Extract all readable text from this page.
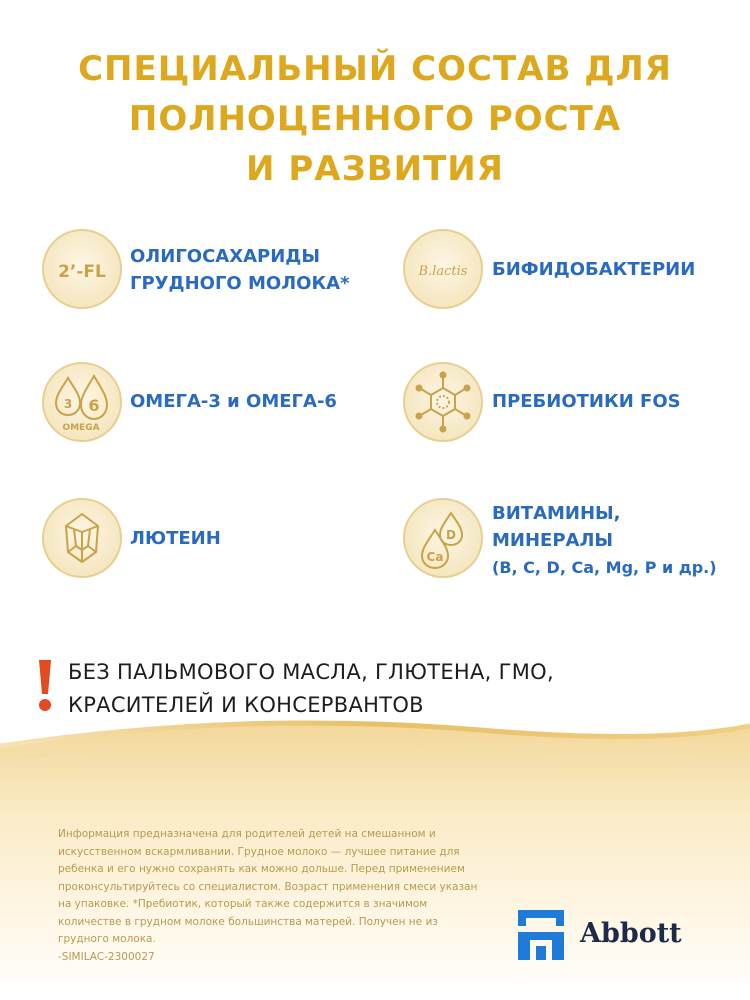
СПЕЦИАЛЬНЫЙ СОСТАВ ДЛЯ
ПОЛНОЦЕННОГО РОСТА
И РАЗВИТИЯ
2’-FL
ОЛИГОСАХАРИДЫ
ГРУДНОГО МОЛОКА*
B.lactis БИФИДОБАКТЕРИИ
3 6
OMEGA
ОМЕГА-3 и ОМЕГА-6	ПРЕБИОТИКИ FOS
ЛЮТЕИН	D
Ca
ВИТАМИНЫ,
МИНЕРАЛЫ
(B, C, D, Ca, Mg, P и др.)
БЕЗ ПАЛЬМОВОГО МАСЛА, ГЛЮТЕНА, ГМО,
КРАСИТЕЛЕЙ И КОНСЕРВАНТОВ
Информация предназначена для родителей детей на смешанном и
искусственном вскармливании. Грудное молоко — лучшее питание для
ребенка и его нужно сохранять как можно дольше. Перед применением
проконсультируйтесь со специалистом. Возраст применения смеси указан
на упаковке. *Пребиотик, который также содержится в значимом
количестве в грудном молоке большинства матерей. Получен не из
грудного молока.
-SIMILAC-2300027
Abbott
